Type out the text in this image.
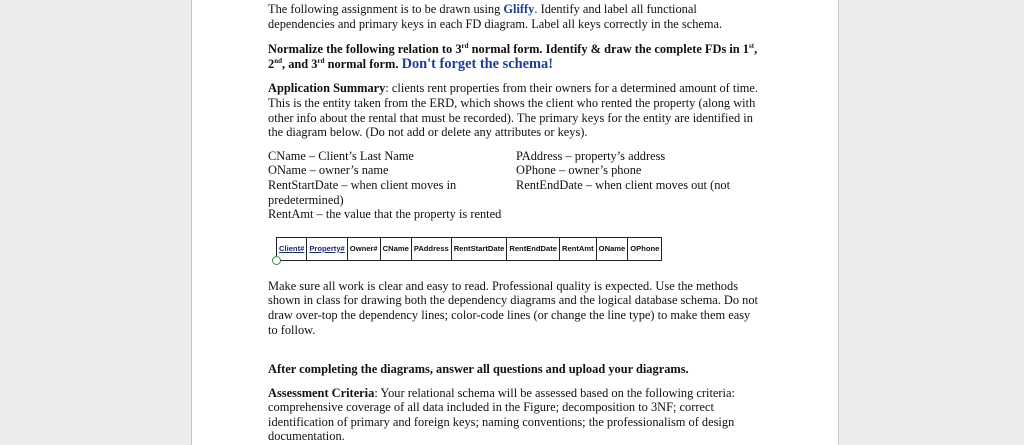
The following assignment is to be drawn using Gliffy. Identify and label all functional dependencies and primary keys in each FD diagram. Label all keys correctly in the schema.

Normalize the following relation to 3rd normal form. Identify & draw the complete FDs in 1st, 2nd, and 3rd normal form. Don't forget the schema!

Application Summary: clients rent properties from their owners for a determined amount of time. This is the entity taken from the ERD, which shows the client who rented the property (along with other info about the rental that must be recorded). The primary keys for the entity are identified in the diagram below. (Do not add or delete any attributes or keys).

CName – Client’s Last Name	PAddress – property’s address
OName – owner’s name	OPhone – owner’s phone
RentStartDate – when client moves in	RentEndDate – when client moves out (not
predetermined)
RentAmt – the value that the property is rented
Client#	Property#	Owner#	CName	PAddress	RentStartDate	RentEndDate	RentAmt	OName	OPhone

Make sure all work is clear and easy to read. Professional quality is expected. Use the methods shown in class for drawing both the dependency diagrams and the logical database schema. Do not draw over-top the dependency lines; color-code lines (or change the line type) to make them easy to follow.

After completing the diagrams, answer all questions and upload your diagrams.

Assessment Criteria: Your relational schema will be assessed based on the following criteria: comprehensive coverage of all data included in the Figure; decomposition to 3NF; correct identification of primary and foreign keys; naming conventions; the professionalism of design documentation.
